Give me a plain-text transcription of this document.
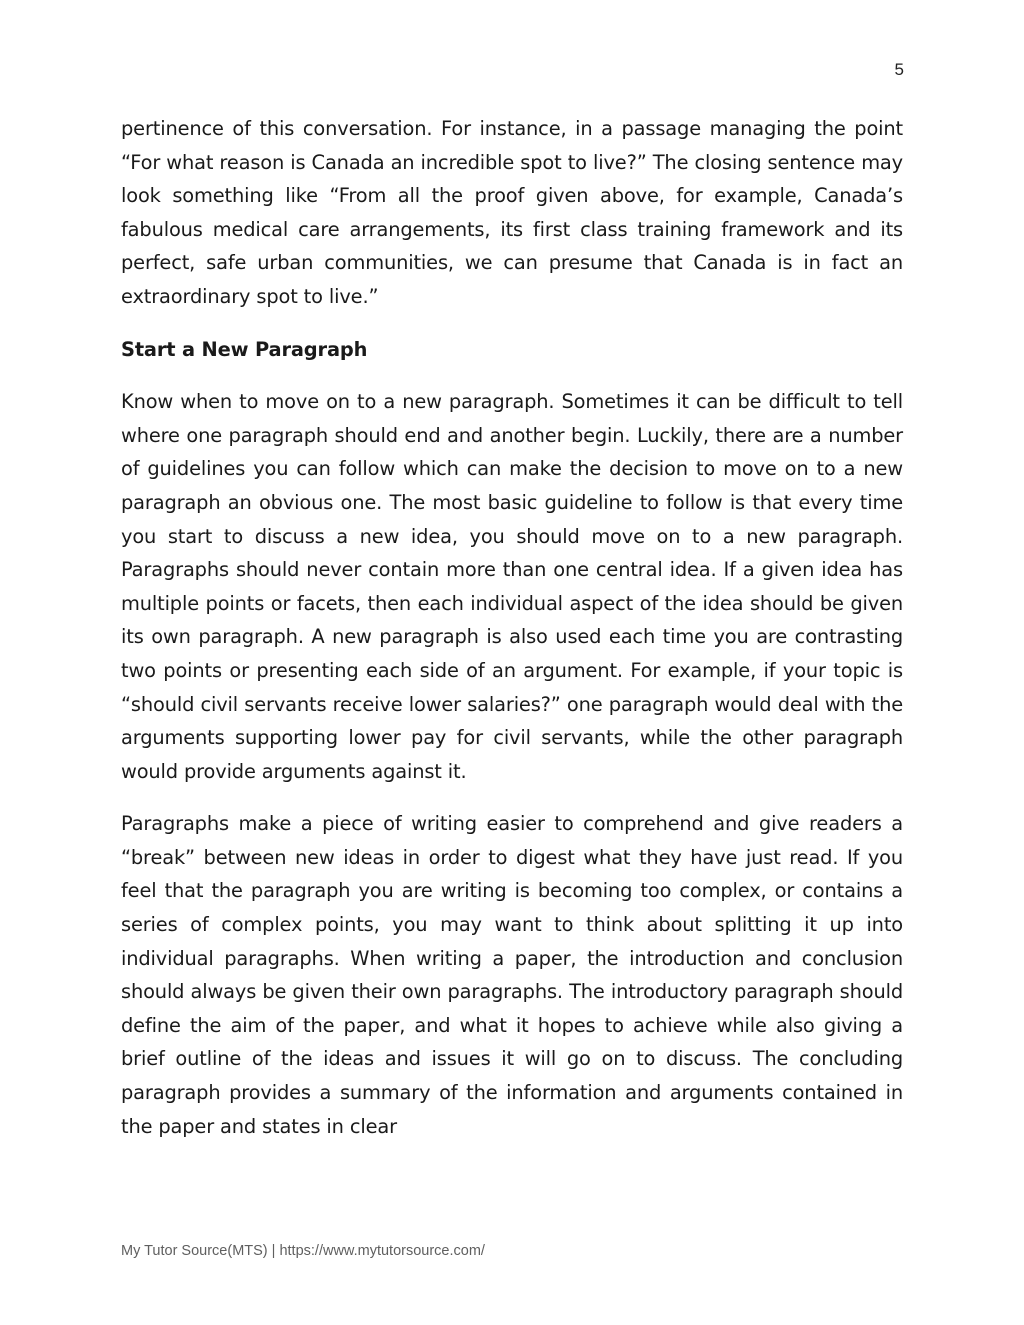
5

pertinence of this conversation. For instance, in a passage managing the point “For what reason is Canada an incredible spot to live?” The closing sentence may look something like “From all the proof given above, for example, Canada’s fabulous medical care arrangements, its first class training framework and its perfect, safe urban communities, we can presume that Canada is in fact an extraordinary spot to live.”

Start a New Paragraph

Know when to move on to a new paragraph. Sometimes it can be difficult to tell where one paragraph should end and another begin. Luckily, there are a number of guidelines you can follow which can make the decision to move on to a new paragraph an obvious one. The most basic guideline to follow is that every time you start to discuss a new idea, you should move on to a new paragraph. Paragraphs should never contain more than one central idea. If a given idea has multiple points or facets, then each individual aspect of the idea should be given its own paragraph. A new paragraph is also used each time you are contrasting two points or presenting each side of an argument. For example, if your topic is “should civil servants receive lower salaries?” one paragraph would deal with the arguments supporting lower pay for civil servants, while the other paragraph would provide arguments against it.

Paragraphs make a piece of writing easier to comprehend and give readers a “break” between new ideas in order to digest what they have just read. If you feel that the paragraph you are writing is becoming too complex, or contains a series of complex points, you may want to think about splitting it up into individual paragraphs. When writing a paper, the introduction and conclusion should always be given their own paragraphs. The introductory paragraph should define the aim of the paper, and what it hopes to achieve while also giving a brief outline of the ideas and issues it will go on to discuss. The concluding paragraph provides a summary of the information and arguments contained in the paper and states in clear

My Tutor Source(MTS) | https://www.mytutorsource.com/
